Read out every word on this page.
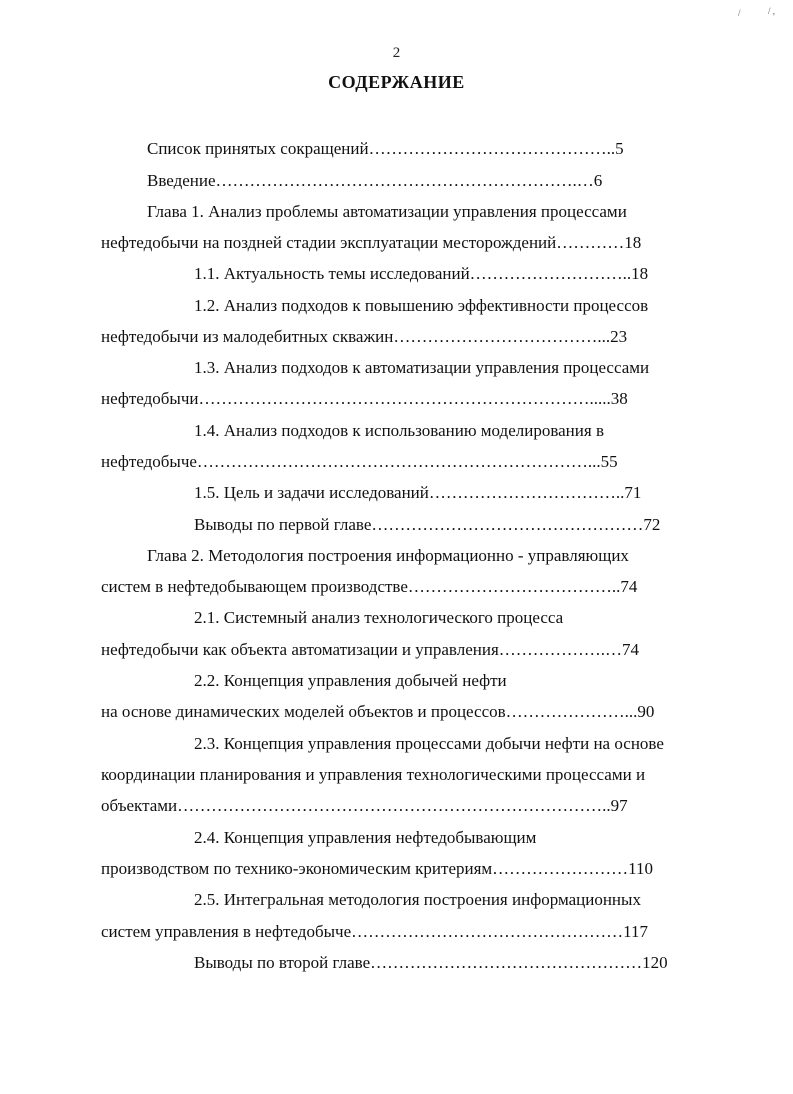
2
СОДЕРЖАНИЕ
Список принятых сокращений……………………………………..5
Введение……………………………………………………….…6
Глава 1. Анализ проблемы автоматизации управления процессами
нефтедобычи на поздней стадии эксплуатации месторождений…………18
1.1. Актуальность темы исследований………………………..18
1.2. Анализ подходов к повышению эффективности процессов
нефтедобычи из малодебитных скважин………………………………...23
1.3. Анализ подходов к автоматизации управления процессами
нефтедобычи…………………………………………………………….....38
1.4. Анализ подходов к использованию моделирования в
нефтедобыче……………………………………………………………...55
1.5. Цель и задачи исследований……………………………..71
Выводы по первой главе…………………………………………72
Глава 2. Методология построения информационно - управляющих
систем в нефтедобывающем производстве………………………………..74
2.1. Системный анализ технологического процесса
нефтедобычи как объекта автоматизации и управления……………….…74
2.2. Концепция управления добычей нефти
на основе динамических моделей объектов и процессов…………………...90
2.3. Концепция управления процессами добычи нефти на основе
координации планирования и управления технологическими процессами и
объектами…………………………………………………………………..97
2.4. Концепция управления нефтедобывающим
производством по технико-экономическим критериям……………………110
2.5. Интегральная методология построения информационных
систем управления в нефтедобыче…………………………………………117
Выводы по второй главе…………………………………………120
/	/ ,
